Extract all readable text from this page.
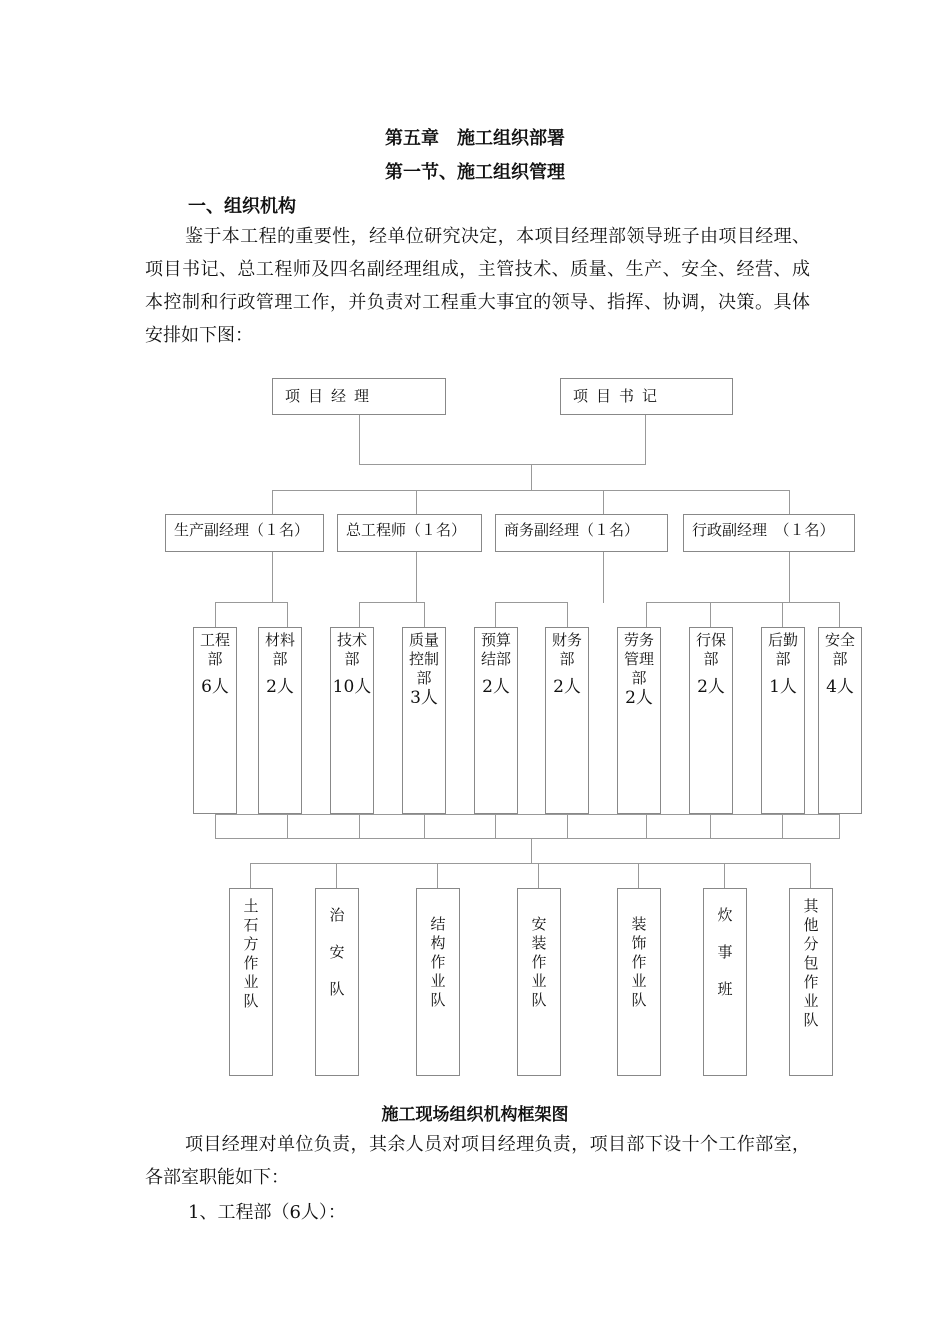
第五章　施工组织部署
第一节、施工组织管理
一、组织机构
鉴于本工程的重要性，经单位研究决定，本项目经理部领导班子由项目经理、项目书记、总工程师及四名副经理组成，主管技术、质量、生产、安全、经营、成本控制和行政管理工作，并负责对工程重大事宜的领导、指挥、协调，决策。具体安排如下图：
项目经理	项目书记
生产副经理（１名）	总工程师（１名）	商务副经理（１名）	行政副经理　（１名）
工程部
6人
材料部
2人
技术部
10人
质量控制部
3人
预算结部
2人
财务部
2人
劳务管理部
2人
行保部
2人
后勤部
1人
安全部
4人
土石方作业队
治安队
结构作业队
安装作业队
装饰作业队
炊事班
其他分包作业队
施工现场组织机构框架图
项目经理对单位负责，其余人员对项目经理负责，项目部下设十个工作部室，各部室职能如下：
1、工程部（6人）：
